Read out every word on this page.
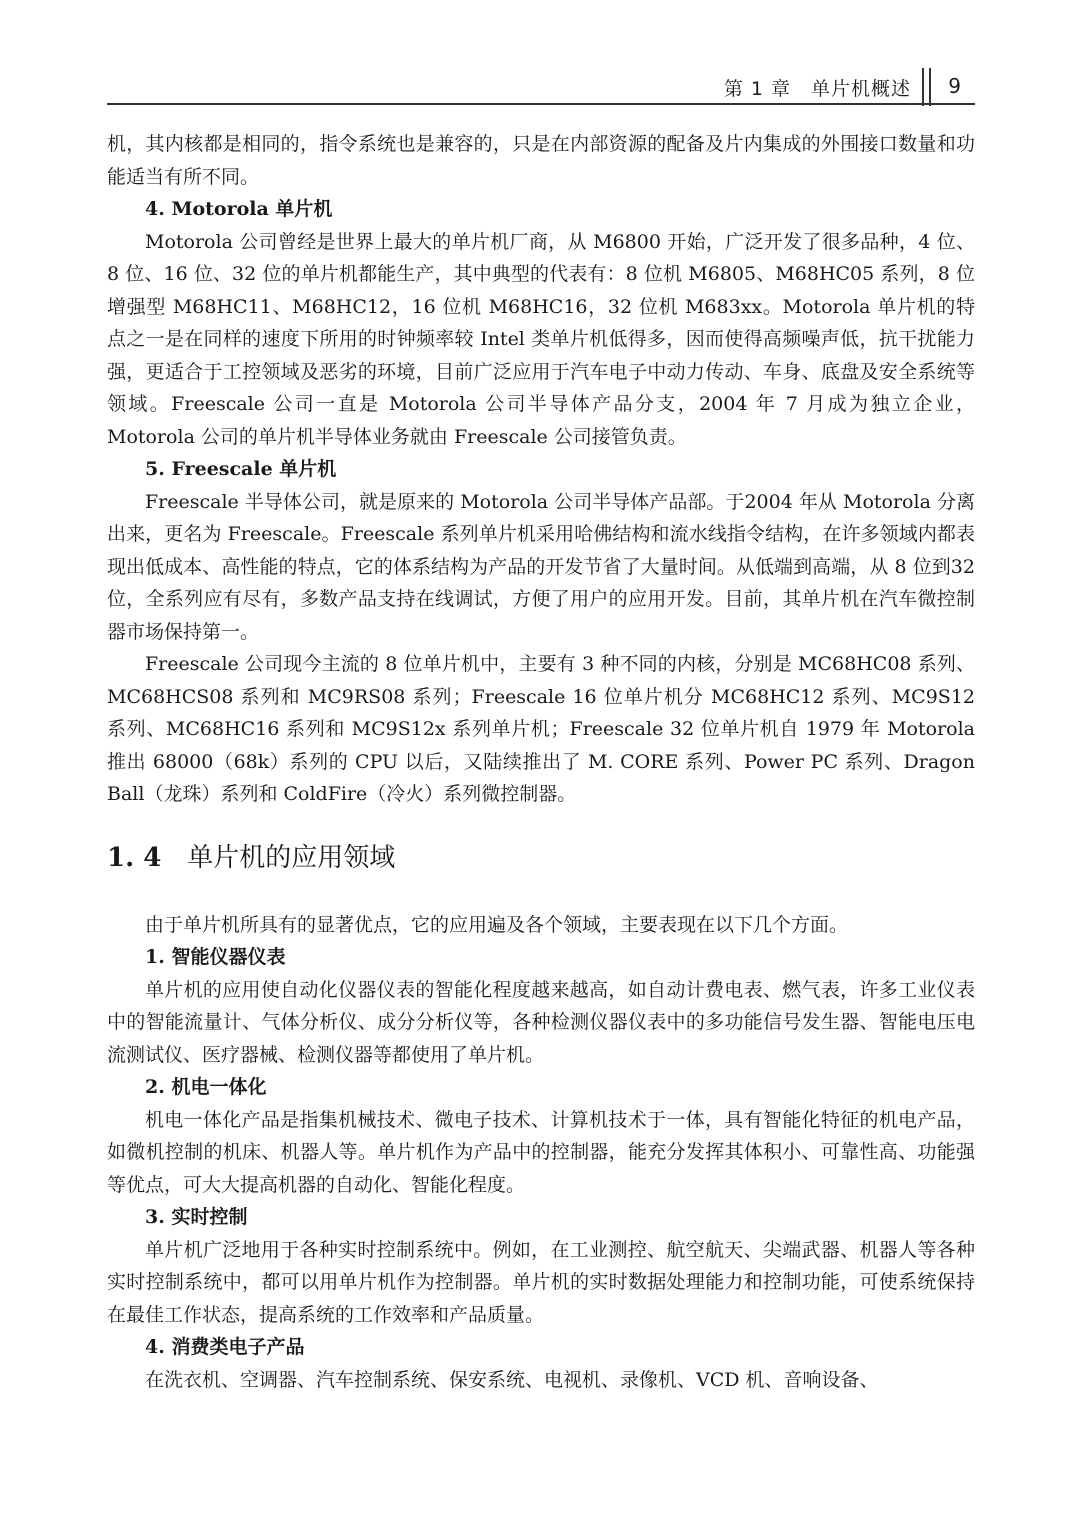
第 1 章　单片机概述 9

机，其内核都是相同的，指令系统也是兼容的，只是在内部资源的配备及片内集成的外围接口数量和功能适当有所不同。

4. Motorola 单片机

Motorola 公司曾经是世界上最大的单片机厂商，从 M6800 开始，广泛开发了很多品种，4 位、8 位、16 位、32 位的单片机都能生产，其中典型的代表有：8 位机 M6805、M68HC05 系列，8 位增强型 M68HC11、M68HC12，16 位机 M68HC16，32 位机 M683xx。Motorola 单片机的特点之一是在同样的速度下所用的时钟频率较 Intel 类单片机低得多，因而使得高频噪声低，抗干扰能力强，更适合于工控领域及恶劣的环境，目前广泛应用于汽车电子中动力传动、车身、底盘及安全系统等领域。Freescale 公司一直是 Motorola 公司半导体产品分支，2004 年 7 月成为独立企业，Motorola 公司的单片机半导体业务就由 Freescale 公司接管负责。

5. Freescale 单片机

Freescale 半导体公司，就是原来的 Motorola 公司半导体产品部。于2004 年从 Motorola 分离出来，更名为 Freescale。Freescale 系列单片机采用哈佛结构和流水线指令结构，在许多领域内都表现出低成本、高性能的特点，它的体系结构为产品的开发节省了大量时间。从低端到高端，从 8 位到32 位，全系列应有尽有，多数产品支持在线调试，方便了用户的应用开发。目前，其单片机在汽车微控制器市场保持第一。

Freescale 公司现今主流的 8 位单片机中，主要有 3 种不同的内核，分别是 MC68HC08 系列、MC68HCS08 系列和 MC9RS08 系列；Freescale 16 位单片机分 MC68HC12 系列、MC9S12 系列、MC68HC16 系列和 MC9S12x 系列单片机；Freescale 32 位单片机自 1979 年 Motorola 推出 68000（68k）系列的 CPU 以后，又陆续推出了 M. CORE 系列、Power PC 系列、Dragon Ball（龙珠）系列和 ColdFire（冷火）系列微控制器。

1. 4 单片机的应用领域

由于单片机所具有的显著优点，它的应用遍及各个领域，主要表现在以下几个方面。

1. 智能仪器仪表

单片机的应用使自动化仪器仪表的智能化程度越来越高，如自动计费电表、燃气表，许多工业仪表中的智能流量计、气体分析仪、成分分析仪等，各种检测仪器仪表中的多功能信号发生器、智能电压电流测试仪、医疗器械、检测仪器等都使用了单片机。

2. 机电一体化

机电一体化产品是指集机械技术、微电子技术、计算机技术于一体，具有智能化特征的机电产品，如微机控制的机床、机器人等。单片机作为产品中的控制器，能充分发挥其体积小、可靠性高、功能强等优点，可大大提高机器的自动化、智能化程度。

3. 实时控制

单片机广泛地用于各种实时控制系统中。例如，在工业测控、航空航天、尖端武器、机器人等各种实时控制系统中，都可以用单片机作为控制器。单片机的实时数据处理能力和控制功能，可使系统保持在最佳工作状态，提高系统的工作效率和产品质量。

4. 消费类电子产品

在洗衣机、空调器、汽车控制系统、保安系统、电视机、录像机、VCD 机、音响设备、
